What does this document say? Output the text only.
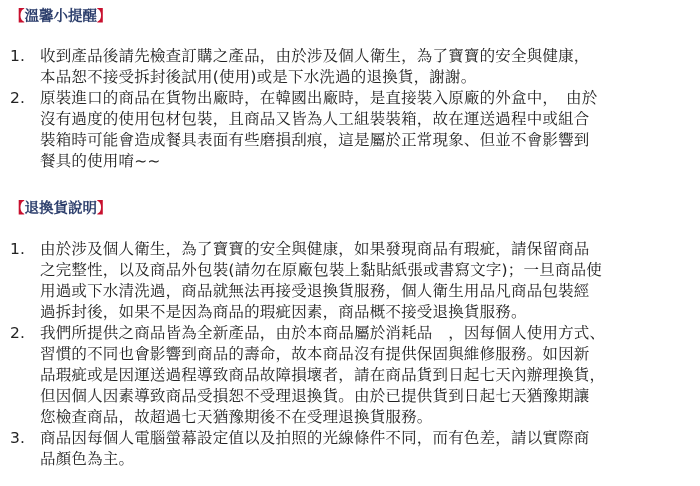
【溫馨小提醒】
1. 收到產品後請先檢查訂購之產品，由於涉及個人衛生，為了寶寶的安全與健康，
本品恕不接受拆封後試用(使用)或是下水洗過的退換貨，謝謝。
2. 原裝進口的商品在貨物出廠時，在韓國出廠時，是直接裝入原廠的外盒中，　由於
沒有過度的使用包材包裝，且商品又皆為人工組裝裝箱，故在運送過程中或組合
裝箱時可能會造成餐具表面有些磨損刮痕，這是屬於正常現象、但並不會影響到
餐具的使用唷~~
【退換貨說明】
1. 由於涉及個人衛生，為了寶寶的安全與健康，如果發現商品有瑕疵，請保留商品
之完整性，以及商品外包裝(請勿在原廠包裝上黏貼紙張或書寫文字)；一旦商品使
用過或下水清洗過，商品就無法再接受退換貨服務，個人衛生用品凡商品包裝經
過拆封後，如果不是因為商品的瑕疵因素，商品概不接受退換貨服務。
2. 我們所提供之商品皆為全新產品，由於本商品屬於消耗品　，因每個人使用方式、
習慣的不同也會影響到商品的壽命，故本商品沒有提供保固與維修服務。如因新
品瑕疵或是因運送過程導致商品故障損壞者，請在商品貨到日起七天內辦理換貨，
但因個人因素導致商品受損恕不受理退換貨。由於已提供貨到日起七天猶豫期讓
您檢查商品，故超過七天猶豫期後不在受理退換貨服務。
3. 商品因每個人電腦螢幕設定值以及拍照的光線條件不同，而有色差，請以實際商
品顏色為主。
